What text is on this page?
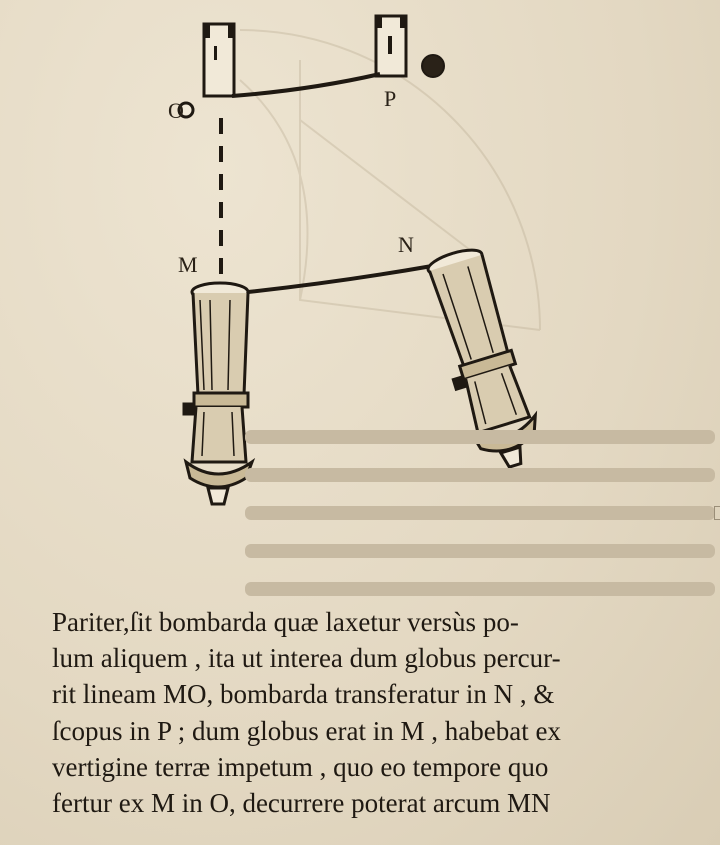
O	P
M
N
Pariter,ſit bombarda quæ laxetur versùs po-
lum aliquem , ita ut interea dum globus percur-
rit lineam MO, bombarda transferatur in N , &
ſcopus in P ; dum globus erat in M , habebat ex
vertigine terræ impetum , quo eo tempore quo
fertur ex M in O, decurrere poterat arcum MN
